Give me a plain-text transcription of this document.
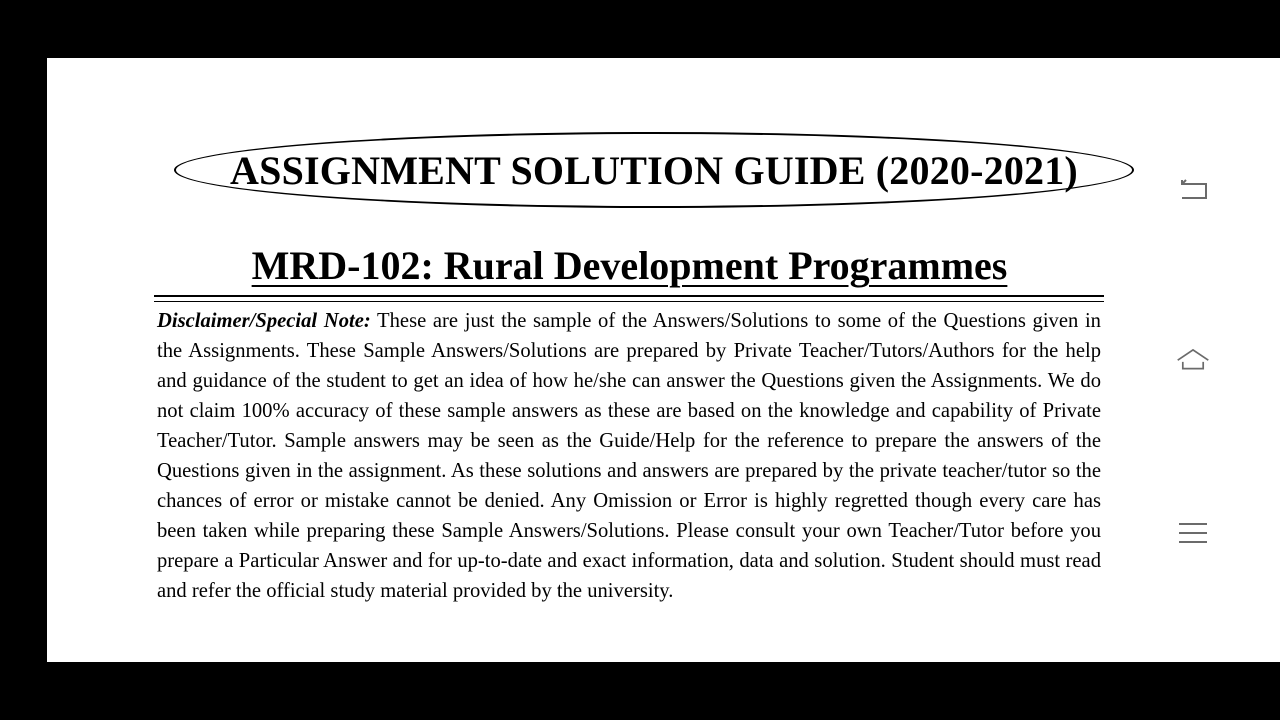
ASSIGNMENT SOLUTION GUIDE (2020-2021)
MRD-102: Rural Development Programmes
Disclaimer/Special Note: These are just the sample of the Answers/Solutions to some of the Questions given in the Assignments. These Sample Answers/Solutions are prepared by Private Teacher/Tutors/Authors for the help and guidance of the student to get an idea of how he/she can answer the Questions given the Assignments. We do not claim 100% accuracy of these sample answers as these are based on the knowledge and capability of Private Teacher/Tutor. Sample answers may be seen as the Guide/Help for the reference to prepare the answers of the Questions given in the assignment. As these solutions and answers are prepared by the private teacher/tutor so the chances of error or mistake cannot be denied. Any Omission or Error is highly regretted though every care has been taken while preparing these Sample Answers/Solutions. Please consult your own Teacher/Tutor before you prepare a Particular Answer and for up-to-date and exact information, data and solution. Student should must read and refer the official study material provided by the university.
